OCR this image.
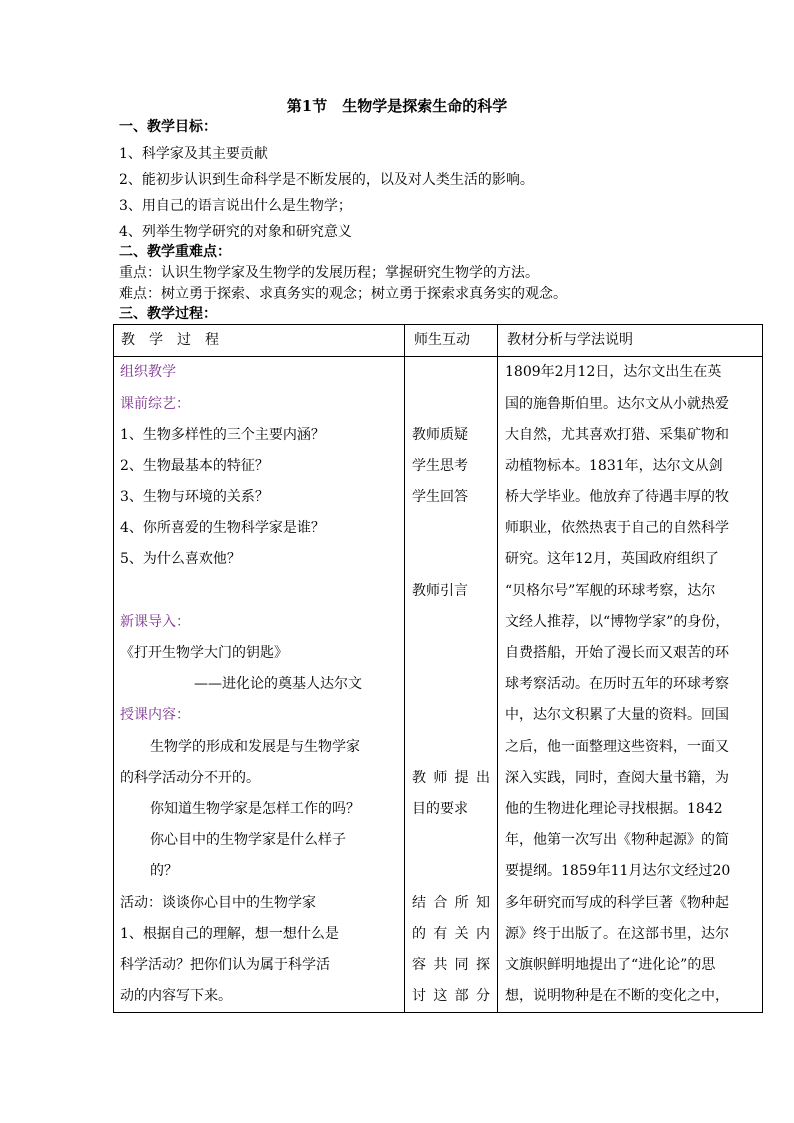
第1节　生物学是探索生命的科学
一、教学目标：
1、科学家及其主要贡献
2、能初步认识到生命科学是不断发展的，以及对人类生活的影响。
3、用自己的语言说出什么是生物学；
4、列举生物学研究的对象和研究意义
二、教学重难点：
重点：认识生物学家及生物学的发展历程；掌握研究生物学的方法。
难点：树立勇于探索、求真务实的观念；树立勇于探索求真务实的观念。
三、教学过程：
教　学　过　程	师生互动	教材分析与学法说明
组织教学
课前综艺：
1、生物多样性的三个主要内涵？
2、生物最基本的特征？
3、生物与环境的关系？
4、你所喜爱的生物科学家是谁？
5、为什么喜欢他？
新课导入：
《打开生物学大门的钥匙》
——进化论的奠基人达尔文
授课内容：
生物学的形成和发展是与生物学家
的科学活动分不开的。
你知道生物学家是怎样工作的吗？
你心目中的生物学家是什么样子
的？
活动：谈谈你心目中的生物学家
1、根据自己的理解，想一想什么是
科学活动？把你们认为属于科学活
动的内容写下来。
教师质疑
学生思考
学生回答
教师引言
教 师 提 出
目的要求
结 合 所 知
的 有 关 内
容 共 同 探
讨 这 部 分
1809年2月12日，达尔文出生在英
国的施鲁斯伯里。达尔文从小就热爱
大自然，尤其喜欢打猎、采集矿物和
动植物标本。1831年，达尔文从剑
桥大学毕业。他放弃了待遇丰厚的牧
师职业，依然热衷于自己的自然科学
研究。这年12月，英国政府组织了
“贝格尔号”军舰的环球考察，达尔
文经人推荐，以“博物学家”的身份，
自费搭船，开始了漫长而又艰苦的环
球考察活动。在历时五年的环球考察
中，达尔文积累了大量的资料。回国
之后，他一面整理这些资料，一面又
深入实践，同时，查阅大量书籍，为
他的生物进化理论寻找根据。1842
年，他第一次写出《物种起源》的简
要提纲。1859年11月达尔文经过20
多年研究而写成的科学巨著《物种起
源》终于出版了。在这部书里，达尔
文旗帜鲜明地提出了“进化论”的思
想，说明物种是在不断的变化之中，
